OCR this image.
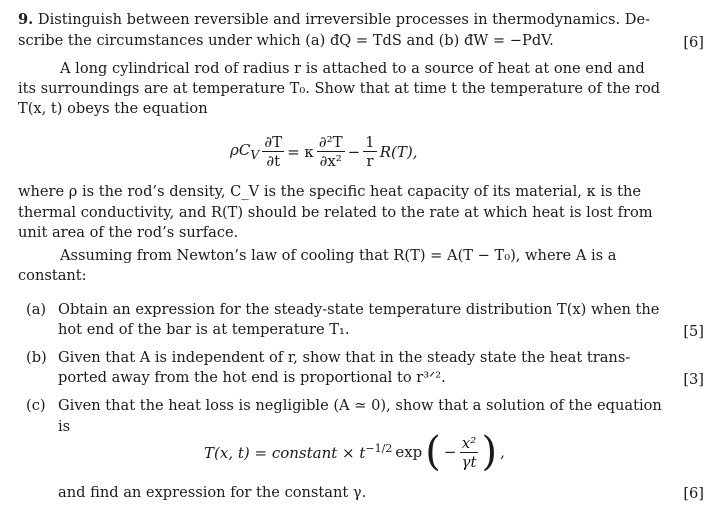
9. Distinguish between reversible and irreversible processes in thermodynamics. De-
scribe the circumstances under which (a) đQ = TdS and (b) đW = −PdV.	[6]
A long cylindrical rod of radius r is attached to a source of heat at one end and
its surroundings are at temperature T₀. Show that at time t the temperature of the rod
T(x, t) obeys the equation
$\rho C_V \frac{\partial T}{\partial t} = \kappa \frac{\text{∂²T}}{\text{∂x²}} - \frac{1}{r} R(T)$,
where ρ is the rod’s density, C_V is the specific heat capacity of its material, κ is the
thermal conductivity, and R(T) should be related to the rate at which heat is lost from
unit area of the rod’s surface.
Assuming from Newton’s law of cooling that R(T) = A(T − T₀), where A is a
constant:
(a) Obtain an expression for the steady-state temperature distribution T(x) when the
hot end of the bar is at temperature T₁.	[5]
(b) Given that A is independent of r, show that in the steady state the heat trans-
ported away from the hot end is proportional to r³ᐟ².	[3]
(c) Given that the heat loss is negligible (A ≃ 0), show that a solution of the equation
is
T(x, t) = constant × $t^{-1/2}$ exp ( − $\frac{\text{x²}}{\gamma t}$ ) ,
and find an expression for the constant γ.	[6]
